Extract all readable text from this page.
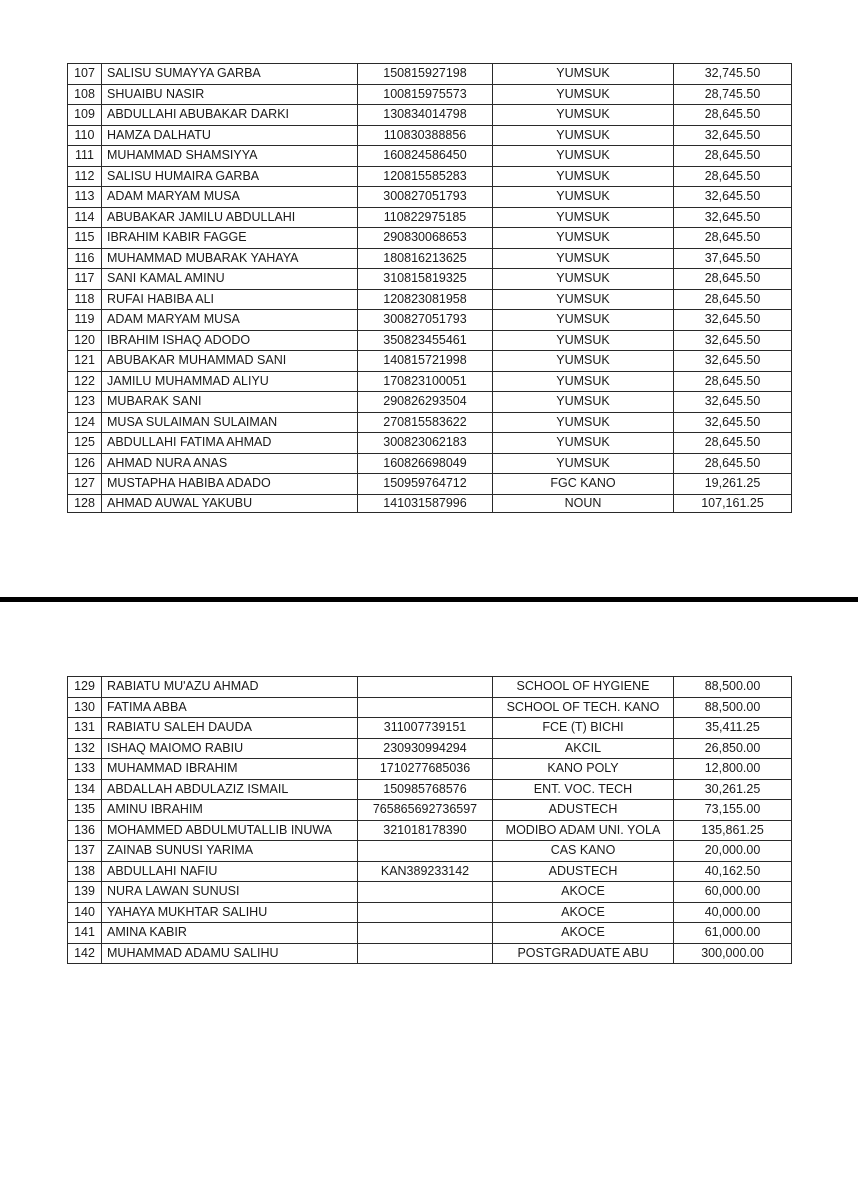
107	SALISU SUMAYYA GARBA	150815927198	YUMSUK	32,745.50
108	SHUAIBU NASIR	100815975573	YUMSUK	28,745.50
109	ABDULLAHI ABUBAKAR DARKI	130834014798	YUMSUK	28,645.50
110	HAMZA DALHATU	110830388856	YUMSUK	32,645.50
111	MUHAMMAD SHAMSIYYA	160824586450	YUMSUK	28,645.50
112	SALISU HUMAIRA GARBA	120815585283	YUMSUK	28,645.50
113	ADAM MARYAM MUSA	300827051793	YUMSUK	32,645.50
114	ABUBAKAR JAMILU ABDULLAHI	110822975185	YUMSUK	32,645.50
115	IBRAHIM KABIR FAGGE	290830068653	YUMSUK	28,645.50
116	MUHAMMAD MUBARAK YAHAYA	180816213625	YUMSUK	37,645.50
117	SANI KAMAL AMINU	310815819325	YUMSUK	28,645.50
118	RUFAI HABIBA ALI	120823081958	YUMSUK	28,645.50
119	ADAM MARYAM MUSA	300827051793	YUMSUK	32,645.50
120	IBRAHIM ISHAQ ADODO	350823455461	YUMSUK	32,645.50
121	ABUBAKAR MUHAMMAD SANI	140815721998	YUMSUK	32,645.50
122	JAMILU MUHAMMAD ALIYU	170823100051	YUMSUK	28,645.50
123	MUBARAK SANI	290826293504	YUMSUK	32,645.50
124	MUSA SULAIMAN SULAIMAN	270815583622	YUMSUK	32,645.50
125	ABDULLAHI FATIMA AHMAD	300823062183	YUMSUK	28,645.50
126	AHMAD NURA ANAS	160826698049	YUMSUK	28,645.50
127	MUSTAPHA HABIBA ADADO	150959764712	FGC KANO	19,261.25
128	AHMAD AUWAL YAKUBU	141031587996	NOUN	107,161.25
129	RABIATU MU'AZU AHMAD		SCHOOL OF HYGIENE	88,500.00
130	FATIMA ABBA		SCHOOL OF TECH. KANO	88,500.00
131	RABIATU SALEH DAUDA	311007739151	FCE (T) BICHI	35,411.25
132	ISHAQ MAIOMO RABIU	230930994294	AKCIL	26,850.00
133	MUHAMMAD IBRAHIM	1710277685036	KANO POLY	12,800.00
134	ABDALLAH ABDULAZIZ ISMAIL	150985768576	ENT. VOC. TECH	30,261.25
135	AMINU IBRAHIM	765865692736597	ADUSTECH	73,155.00
136	MOHAMMED ABDULMUTALLIB INUWA	321018178390	MODIBO ADAM UNI. YOLA	135,861.25
137	ZAINAB SUNUSI YARIMA		CAS KANO	20,000.00
138	ABDULLAHI NAFIU	KAN389233142	ADUSTECH	40,162.50
139	NURA LAWAN SUNUSI		AKOCE	60,000.00
140	YAHAYA MUKHTAR SALIHU		AKOCE	40,000.00
141	AMINA KABIR		AKOCE	61,000.00
142	MUHAMMAD ADAMU SALIHU		POSTGRADUATE ABU	300,000.00
